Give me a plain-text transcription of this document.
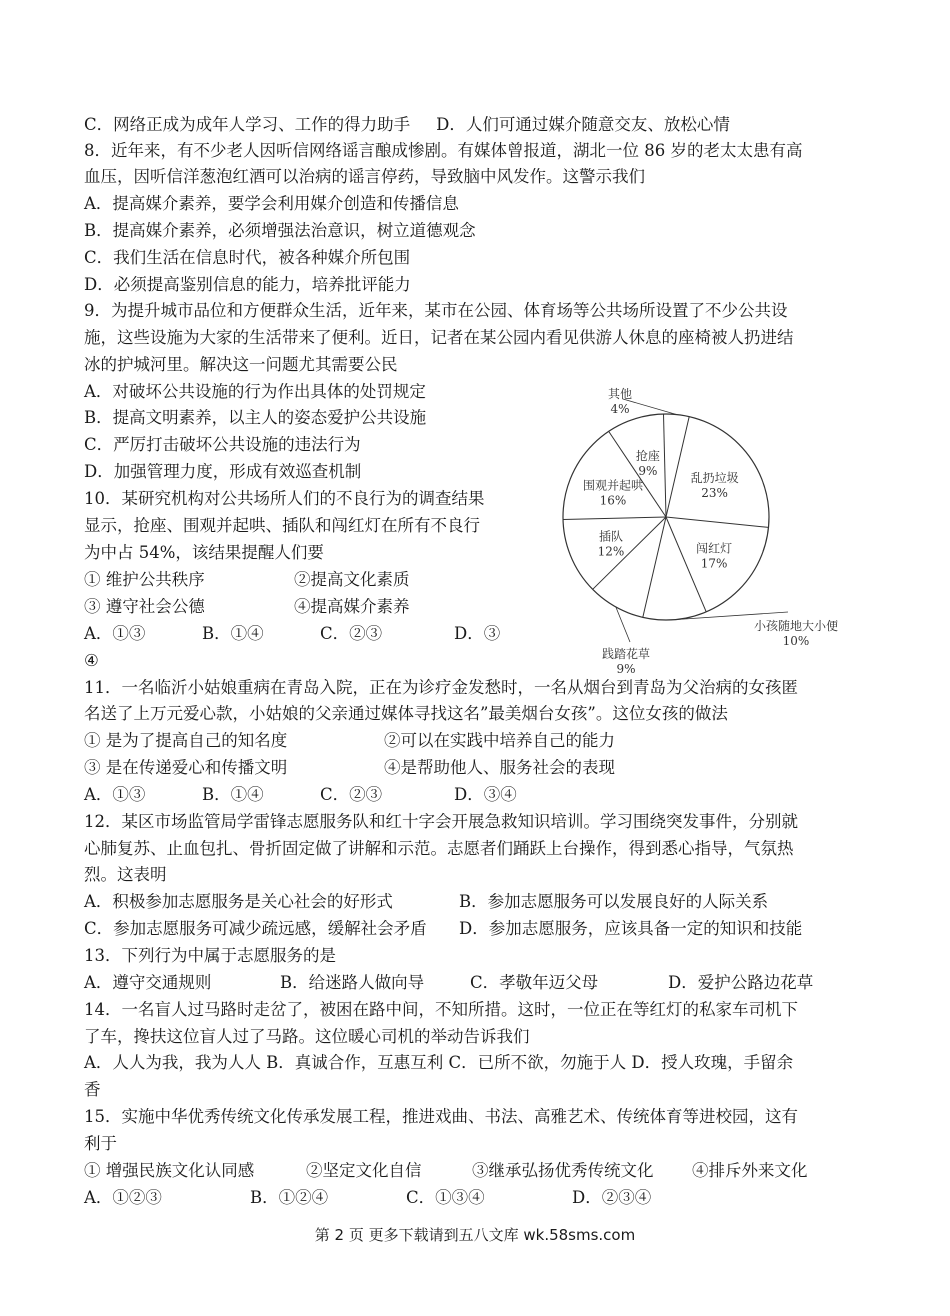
C．网络正成为成年人学习、工作的得力助手 D．人们可通过媒介随意交友、放松心情
8．近年来，有不少老人因听信网络谣言酿成惨剧。有媒体曾报道，湖北一位 86 岁的老太太患有高
血压，因听信洋葱泡红酒可以治病的谣言停药，导致脑中风发作。这警示我们
A．提高媒介素养，要学会利用媒介创造和传播信息
B．提高媒介素养，必须增强法治意识，树立道德观念
C．我们生活在信息时代，被各种媒介所包围
D．必须提高鉴别信息的能力，培养批评能力
9．为提升城市品位和方便群众生活，近年来，某市在公园、体育场等公共场所设置了不少公共设
施，这些设施为大家的生活带来了便利。近日，记者在某公园内看见供游人休息的座椅被人扔进结
冰的护城河里。解决这一问题尤其需要公民
A．对破坏公共设施的行为作出具体的处罚规定
B．提高文明素养，以主人的姿态爱护公共设施
C．严厉打击破坏公共设施的违法行为
D．加强管理力度，形成有效巡查机制
10．某研究机构对公共场所人们的不良行为的调查结果
显示，抢座、围观并起哄、插队和闯红灯在所有不良行
为中占 54%，该结果提醒人们要
① 维护公共秩序	②提高文化素质
③ 遵守社会公德	④提高媒介素养
A．①③	B．①④	C．②③	D．③
④
11．一名临沂小姑娘重病在青岛入院，正在为诊疗金发愁时，一名从烟台到青岛为父治病的女孩匿
名送了上万元爱心款，小姑娘的父亲通过媒体寻找这名”最美烟台女孩”。这位女孩的做法
① 是为了提高自己的知名度	②可以在实践中培养自己的能力
③ 是在传递爱心和传播文明	④是帮助他人、服务社会的表现
A．①③	B．①④	C．②③	D．③④
12．某区市场监管局学雷锋志愿服务队和红十字会开展急救知识培训。学习围绕突发事件，分别就
心肺复苏、止血包扎、骨折固定做了讲解和示范。志愿者们踊跃上台操作，得到悉心指导，气氛热
烈。这表明
A．积极参加志愿服务是关心社会的好形式	B．参加志愿服务可以发展良好的人际关系
C．参加志愿服务可减少疏远感，缓解社会矛盾 D．参加志愿服务，应该具备一定的知识和技能
13．下列行为中属于志愿服务的是
A．遵守交通规则	B．给迷路人做向导	C．孝敬年迈父母	D．爱护公路边花草
14．一名盲人过马路时走岔了，被困在路中间，不知所措。这时，一位正在等红灯的私家车司机下
了车，搀扶这位盲人过了马路。这位暖心司机的举动告诉我们
A．人人为我，我为人人 B．真诚合作，互惠互利 C．已所不欲，勿施于人 D．授人玫瑰，手留余
香
15．实施中华优秀传统文化传承发展工程，推进戏曲、书法、高雅艺术、传统体育等进校园，这有
利于
① 增强民族文化认同感	②坚定文化自信	③继承弘扬优秀传统文化 ④排斥外来文化
A．①②③	B．①②④	C．①③④	D．②③④
乱扔垃圾
23%
闯红灯
17%
小孩随地大小便
10%
践踏花草
9%
插队
12%
围观并起哄
16%
抢座
9%
其他
4%
第 2 页 更多下载请到五八文库 wk.58sms.com
